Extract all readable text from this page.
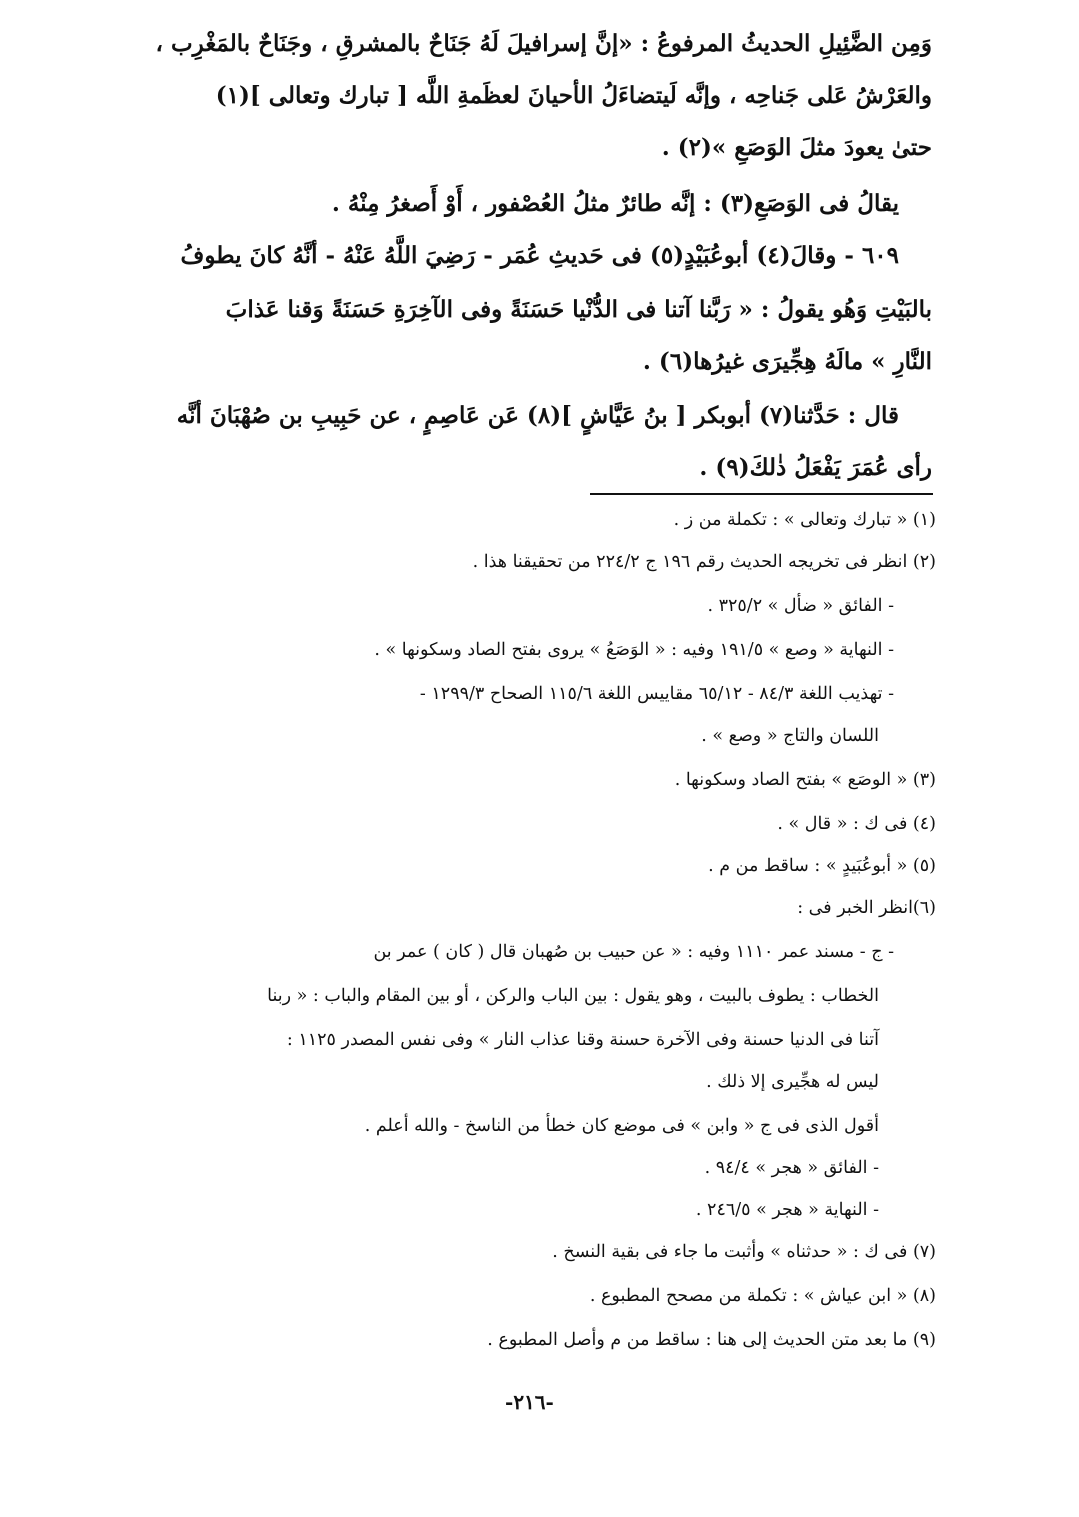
وَمِن الضَّئِيلِ الحديثُ المرفوعُ : «إنَّ إسرافيلَ لَهُ جَنَاحٌ بالمشرقِ ، وجَنَاحٌ بالمَغْرِب ،
والعَرْشُ عَلى جَناحِه ، وإنَّه لَيتضاءَلُ الأحيانَ لعظَمةِ اللَّه [ تبارك وتعالى ](١)
حتىٰ يعودَ مثلَ الوَصَعِ »(٢) .
يقالُ فى الوَصَعِ(٣) : إنَّه طائرٌ مثلُ العُصْفور ، أَوْ أَصغرُ مِنْهُ .
٦٠٩ - وقالَ(٤) أبوعُبَيْدٍ(٥) فى حَديثِ عُمَر - رَضِيَ اللَّهُ عَنْهُ - أنَّهُ كانَ يطوفُ
بالبَيْتِ وَهُو يقولُ : « رَبَّنا آتنا فى الدُّنْيا حَسَنَةً وفى الآخِرَةِ حَسَنَةً وَقنا عَذابَ
النَّارِ » مالَهُ هِجِّيرَى غيرُها(٦) .
قال : حَدَّثنا(٧) أبوبكر [ بنُ عَيَّاشٍ ](٨) عَن عَاصِمٍ ، عن حَبِيبِ بن صُهْبَانَ أنَّه
رأى عُمَرَ يَفْعَلُ ذٰلكَ(٩) .
(١) « تبارك وتعالى » : تكملة من ز .
(٢) انظر فى تخريجه الحديث رقم ١٩٦ ج ٢٢٤/٢ من تحقيقنا هذا .
- الفائق « ضأل » ٣٢٥/٢ .
- النهاية « وصع » ١٩١/٥ وفيه : « الوَصَعُ » يروى بفتح الصاد وسكونها » .
- تهذيب اللغة ٨٤/٣ - ٦٥/١٢ مقاييس اللغة ١١٥/٦ الصحاح ١٢٩٩/٣ -
اللسان والتاج « وصع » .
(٣) « الوصَع » بفتح الصاد وسكونها .
(٤) فى ك : « قال » .
(٥) « أبوعُبَيدٍ » : ساقط من م .
(٦)انظر الخبر فى :
- ج - مسند عمر ١١١٠ وفيه : « عن حبيب بن صُهبان قال ( كان ) عمر بن
الخطاب : يطوف بالبيت ، وهو يقول : بين الباب والركن ، أو بين المقام والباب : « ربنا
آتنا فى الدنيا حسنة وفى الآخرة حسنة وقنا عذاب النار » وفى نفس المصدر ١١٢٥ :
ليس له هجِّيرى إلا ذلك .
أقول الذى فى ج « وابن » فى موضع كان خطأ من الناسخ - والله أعلم .
- الفائق « هجر » ٩٤/٤ .
- النهاية « هجر » ٢٤٦/٥ .
(٧) فى ك : « حدثناه » وأثبت ما جاء فى بقية النسخ .
(٨) « ابن عياش » : تكملة من مصحح المطبوع .
(٩) ما بعد متن الحديث إلى هنا : ساقط من م وأصل المطبوع .
-٢١٦-
